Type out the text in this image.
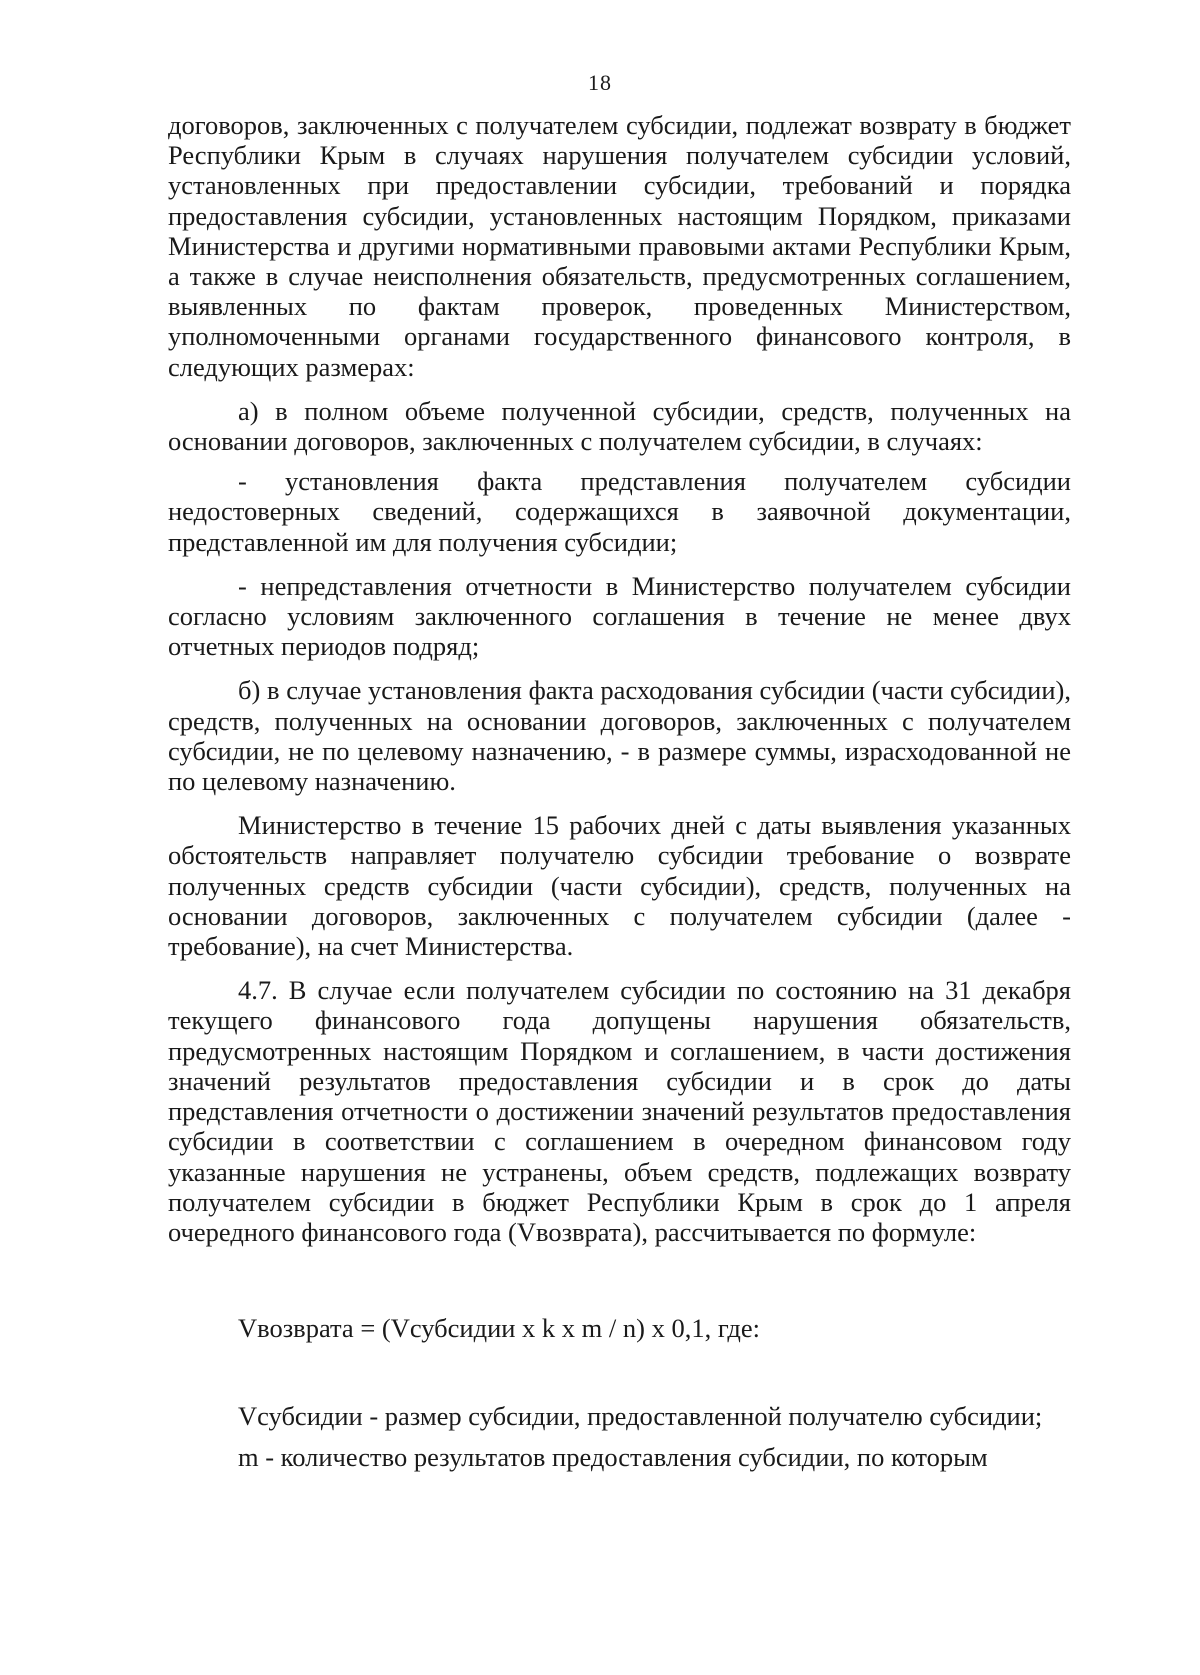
18

договоров, заключенных с получателем субсидии, подлежат возврату в бюджет Республики Крым в случаях нарушения получателем субсидии условий, установленных при предоставлении субсидии, требований и порядка предоставления субсидии, установленных настоящим Порядком, приказами Министерства и другими нормативными правовыми актами Республики Крым, а также в случае неисполнения обязательств, предусмотренных соглашением, выявленных по фактам проверок, проведенных Министерством, уполномоченными органами государственного финансового контроля, в следующих размерах:

а) в полном объеме полученной субсидии, средств, полученных на основании договоров, заключенных с получателем субсидии, в случаях:

- установления факта представления получателем субсидии недостоверных сведений, содержащихся в заявочной документации, представленной им для получения субсидии;

- непредставления отчетности в Министерство получателем субсидии согласно условиям заключенного соглашения в течение не менее двух отчетных периодов подряд;

б) в случае установления факта расходования субсидии (части субсидии), средств, полученных на основании договоров, заключенных с получателем субсидии, не по целевому назначению, - в размере суммы, израсходованной не по целевому назначению.

Министерство в течение 15 рабочих дней с даты выявления указанных обстоятельств направляет получателю субсидии требование о возврате полученных средств субсидии (части субсидии), средств, полученных на основании договоров, заключенных с получателем субсидии (далее - требование), на счет Министерства.

4.7. В случае если получателем субсидии по состоянию на 31 декабря текущего финансового года допущены нарушения обязательств, предусмотренных настоящим Порядком и соглашением, в части достижения значений результатов предоставления субсидии и в срок до даты представления отчетности о достижении значений результатов предоставления субсидии в соответствии с соглашением в очередном финансовом году указанные нарушения не устранены, объем средств, подлежащих возврату получателем субсидии в бюджет Республики Крым в срок до 1 апреля очередного финансового года (Vвозврата), рассчитывается по формуле:

Vвозврата = (Vсубсидии x k x m / n) x 0,1, где:

Vсубсидии - размер субсидии, предоставленной получателю субсидии;

m - количество результатов предоставления субсидии, по которым
